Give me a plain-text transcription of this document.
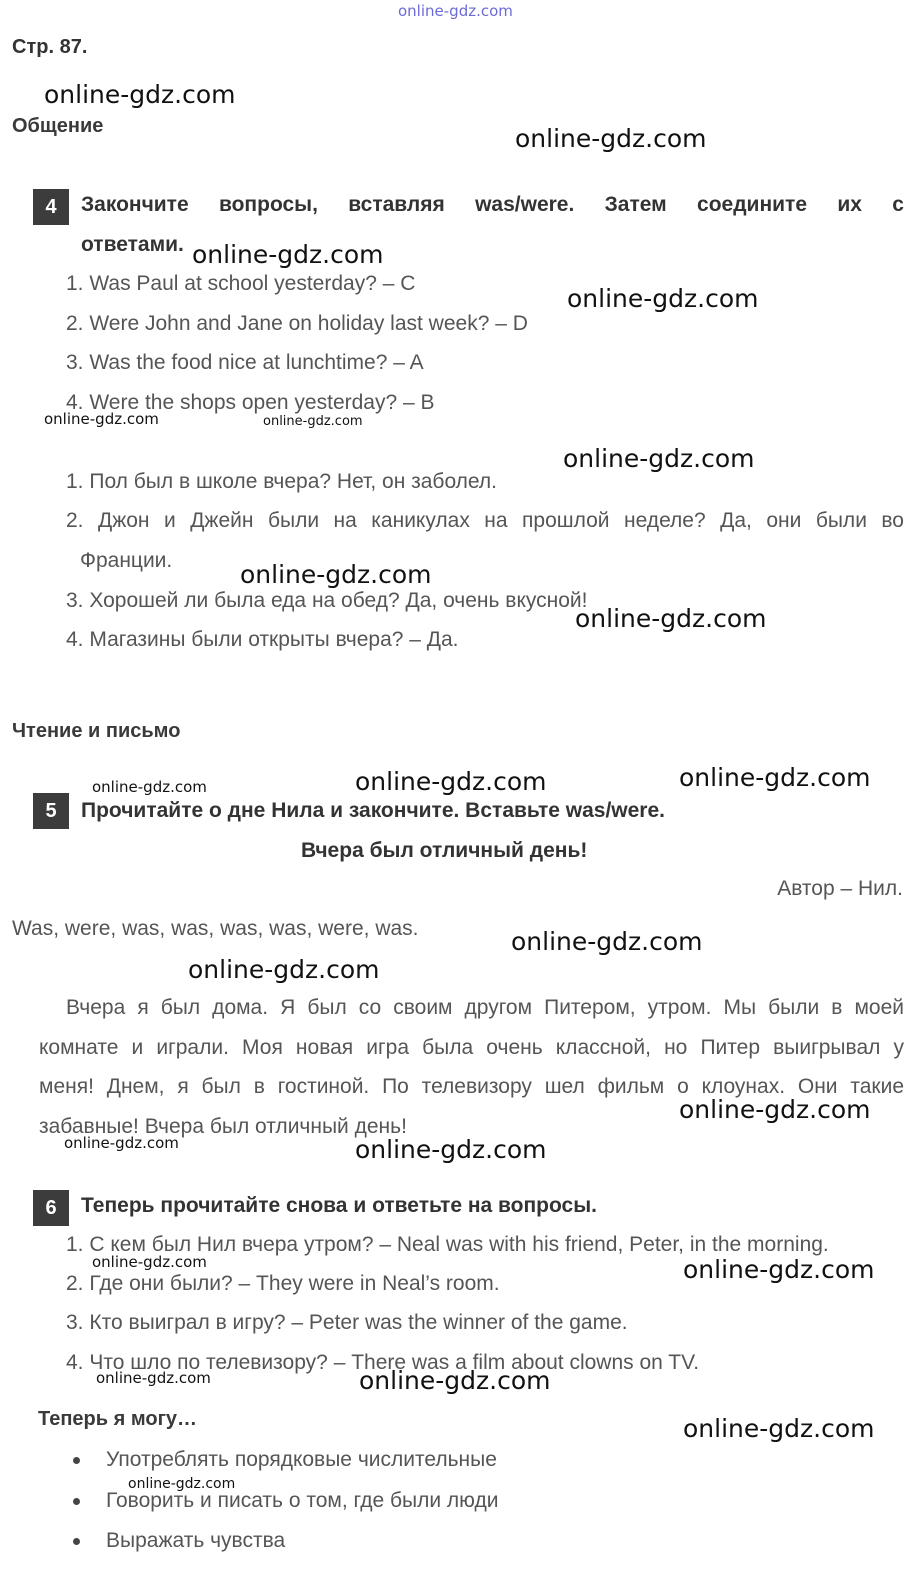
online-gdz.com
Стр. 87.
Общение
4	Закончите вопросы, вставляя was/were. Затем соедините их с
ответами.
1. Was Paul at school yesterday? – C
2. Were John and Jane on holiday last week? – D
3. Was the food nice at lunchtime? – A
4. Were the shops open yesterday? – B
1. Пол был в школе вчера? Нет, он заболел.
2. Джон и Джейн были на каникулах на прошлой неделе? Да, они были во
Франции.
3. Хорошей ли была еда на обед? Да, очень вкусной!
4. Магазины были открыты вчера? – Да.
Чтение и письмо
5	Прочитайте о дне Нила и закончите. Вставьте was/were.
Вчера был отличный день!
Автор – Нил.
Was, were, was, was, was, was, were, was.
Вчера я был дома. Я был со своим другом Питером, утром. Мы были в моей
комнате и играли. Моя новая игра была очень классной, но Питер выигрывал у
меня! Днем, я был в гостиной. По телевизору шел фильм о клоунах. Они такие
забавные! Вчера был отличный день!
6	Теперь прочитайте снова и ответьте на вопросы.
1. С кем был Нил вчера утром? – Neal was with his friend, Peter, in the morning.
2. Где они были? – They were in Neal’s room.
3. Кто выиграл в игру? – Peter was the winner of the game.
4. Что шло по телевизору? – There was a film about clowns on TV.
Теперь я могу…
Употреблять порядковые числительные
Говорить и писать о том, где были люди
Выражать чувства
online-gdz.com
online-gdz.com
online-gdz.com
online-gdz.com
online-gdz.com
online-gdz.com
online-gdz.com
online-gdz.com	online-gdz.com
online-gdz.com
online-gdz.com
online-gdz.com
online-gdz.com
online-gdz.com
online-gdz.com
online-gdz.com
online-gdz.com	online-gdz.com
online-gdz.com
online-gdz.com
online-gdz.com
online-gdz.com
online-gdz.com
